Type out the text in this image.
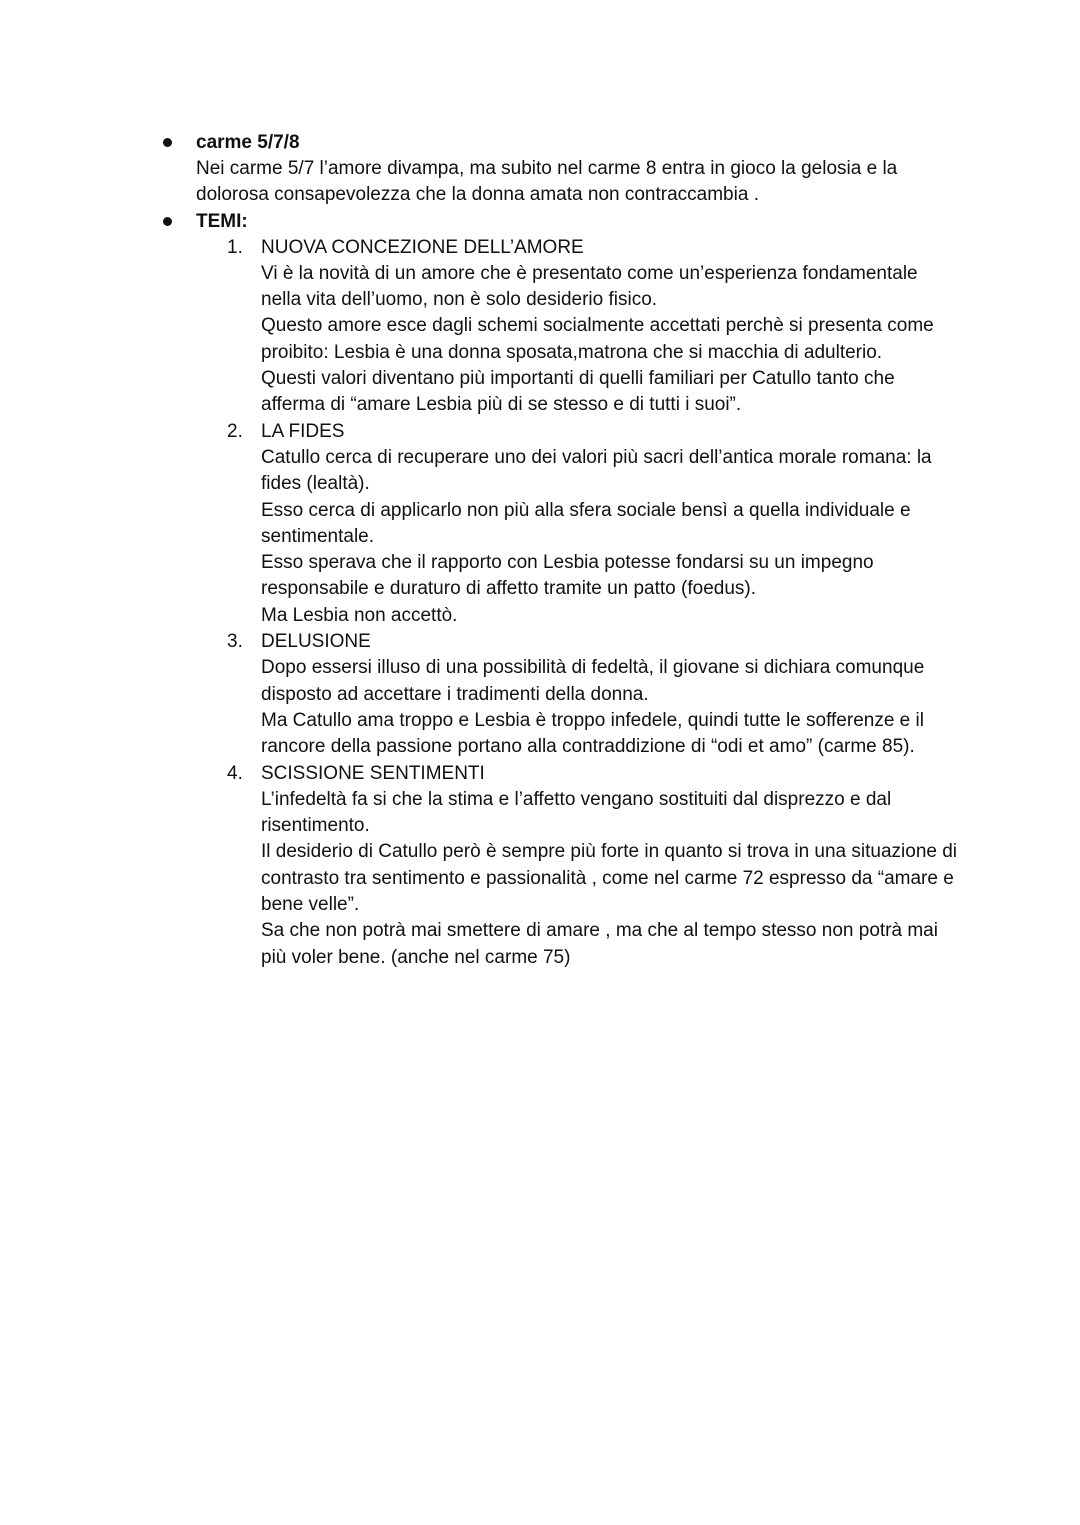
carme 5/7/8

Nei carme 5/7 l’amore divampa, ma subito nel carme 8 entra in gioco la gelosia e la dolorosa consapevolezza che la donna amata non contraccambia .

TEMI:
1. NUOVA CONCEZIONE DELL’AMORE

Vi è la novità di un amore che è presentato come un’esperienza fondamentale nella vita dell’uomo, non è solo desiderio fisico.

Questo amore esce dagli schemi socialmente accettati perchè si presenta come proibito: Lesbia è una donna sposata,matrona che si macchia di adulterio.

Questi valori diventano più importanti di quelli familiari per Catullo tanto che afferma di “amare Lesbia più di se stesso e di tutti i suoi”.

2. LA FIDES

Catullo cerca di recuperare uno dei valori più sacri dell’antica morale romana: la fides (lealtà).

Esso cerca di applicarlo non più alla sfera sociale bensì a quella individuale e sentimentale.

Esso sperava che il rapporto con Lesbia potesse fondarsi su un impegno responsabile e duraturo di affetto tramite un patto (foedus).

Ma Lesbia non accettò.

3. DELUSIONE

Dopo essersi illuso di una possibilità di fedeltà, il giovane si dichiara comunque disposto ad accettare i tradimenti della donna.

Ma Catullo ama troppo e Lesbia è troppo infedele, quindi tutte le sofferenze e il rancore della passione portano alla contraddizione di “odi et amo” (carme 85).

4. SCISSIONE SENTIMENTI

L’infedeltà fa si che la stima e l’affetto vengano sostituiti dal disprezzo e dal risentimento.

Il desiderio di Catullo però è sempre più forte in quanto si trova in una situazione di contrasto tra sentimento e passionalità , come nel carme 72 espresso da “amare e bene velle”.

Sa che non potrà mai smettere di amare , ma che al tempo stesso non potrà mai più voler bene. (anche nel carme 75)
